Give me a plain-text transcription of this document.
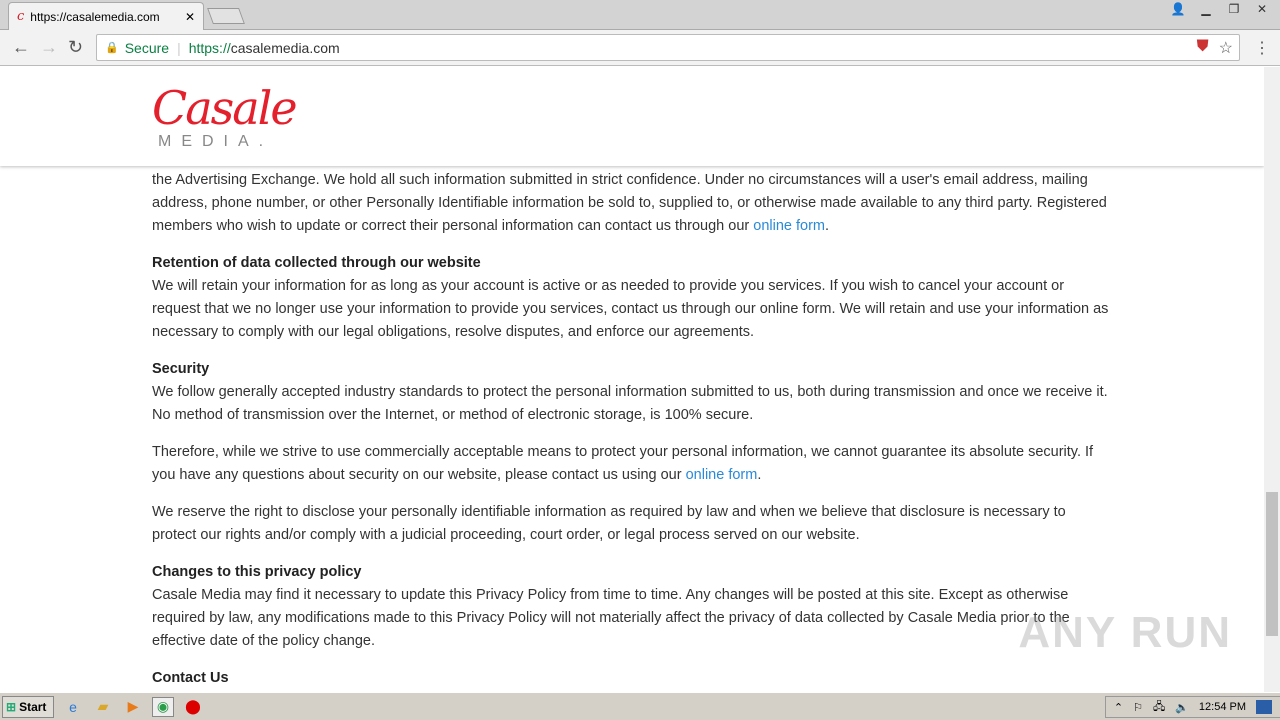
c https://casalemedia.com	✕
👤	▁	❐	✕
← → ↻ 🔒 Secure | https://casalemedia.com	⛊ ☆ ⋮
Casale
MEDIA.

the Advertising Exchange. We hold all such information submitted in strict confidence. Under no circumstances will a user's email address, mailing address, phone number, or other Personally Identifiable information be sold to, supplied to, or otherwise made available to any third party. Registered members who wish to update or correct their personal information can contact us through our online form.

Retention of data collected through our website

We will retain your information for as long as your account is active or as needed to provide you services. If you wish to cancel your account or request that we no longer use your information to provide you services, contact us through our online form. We will retain and use your information as necessary to comply with our legal obligations, resolve disputes, and enforce our agreements.

Security

We follow generally accepted industry standards to protect the personal information submitted to us, both during transmission and once we receive it. No method of transmission over the Internet, or method of electronic storage, is 100% secure.

Therefore, while we strive to use commercially acceptable means to protect your personal information, we cannot guarantee its absolute security. If you have any questions about security on our website, please contact us using our online form.

We reserve the right to disclose your personally identifiable information as required by law and when we believe that disclosure is necessary to protect our rights and/or comply with a judicial proceeding, court order, or legal process served on our website.

Changes to this privacy policy

Casale Media may find it necessary to update this Privacy Policy from time to time. Any changes will be posted at this site. Except as otherwise required by law, any modifications made to this Privacy Policy will not materially affect the privacy of data collected by Casale Media prior to the effective date of the policy change.

Contact Us
ANY RUN
⊞ Start	e	▰	▶	◉	⬤	⌃ ⚐ 🖧 🔈 12:54 PM
